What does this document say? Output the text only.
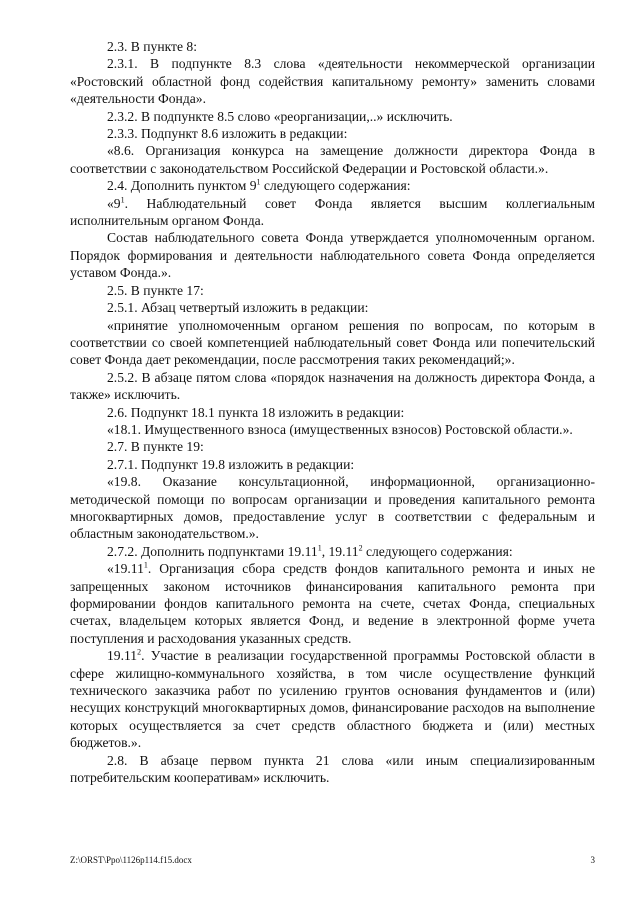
2.3. В пункте 8:

2.3.1. В подпункте 8.3 слова «деятельности некоммерческой организации «Ростовский областной фонд содействия капитальному ремонту» заменить словами «деятельности Фонда».

2.3.2. В подпункте 8.5 слово «реорганизации,..» исключить.

2.3.3. Подпункт 8.6 изложить в редакции:

«8.6. Организация конкурса на замещение должности директора Фонда в соответствии с законодательством Российской Федерации и Ростовской области.».

2.4. Дополнить пунктом $9^1$ следующего содержания:

«$9^1$. Наблюдательный совет Фонда является высшим коллегиальным исполнительным органом Фонда.

Состав наблюдательного совета Фонда утверждается уполномоченным органом. Порядок формирования и деятельности наблюдательного совета Фонда определяется уставом Фонда.».

2.5. В пункте 17:

2.5.1. Абзац четвертый изложить в редакции:

«принятие уполномоченным органом решения по вопросам, по которым в соответствии со своей компетенцией наблюдательный совет Фонда или попечительский совет Фонда дает рекомендации, после рассмотрения таких рекомендаций;».

2.5.2. В абзаце пятом слова «порядок назначения на должность директора Фонда, а также» исключить.

2.6. Подпункт 18.1 пункта 18 изложить в редакции:

«18.1. Имущественного взноса (имущественных взносов) Ростовской области.».

2.7. В пункте 19:

2.7.1. Подпункт 19.8 изложить в редакции:

«19.8. Оказание консультационной, информационной, организационно-методической помощи по вопросам организации и проведения капитального ремонта многоквартирных домов, предоставление услуг в соответствии с федеральным и областным законодательством.».

2.7.2. Дополнить подпунктами 19.11$^1$, 19.11$^2$ следующего содержания:

«19.11$^1$. Организация сбора средств фондов капитального ремонта и иных не запрещенных законом источников финансирования капитального ремонта при формировании фондов капитального ремонта на счете, счетах Фонда, специальных счетах, владельцем которых является Фонд, и ведение в электронной форме учета поступления и расходования указанных средств.

19.11$^2$. Участие в реализации государственной программы Ростовской области в сфере жилищно-коммунального хозяйства, в том числе осуществление функций технического заказчика работ по усилению грунтов основания фундаментов и (или) несущих конструкций многоквартирных домов, финансирование расходов на выполнение которых осуществляется за счет средств областного бюджета и (или) местных бюджетов.».

2.8. В абзаце первом пункта 21 слова «или иным специализированным потребительским кооперативам» исключить.

Z:\ORST\Ppo\1126p114.f15.docx	3
